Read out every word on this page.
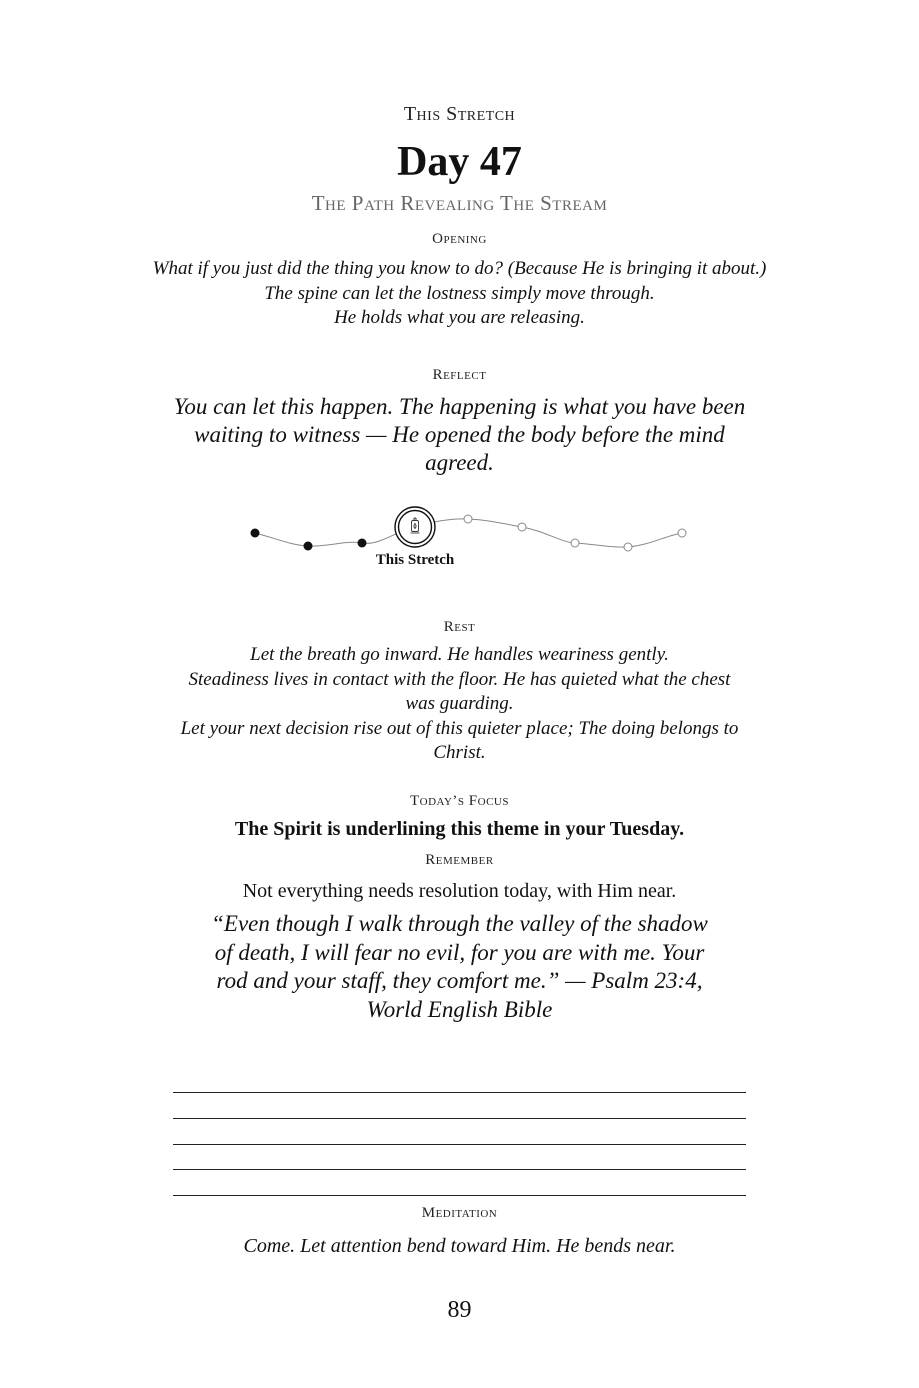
This Stretch
Day 47
The Path Revealing The Stream
Opening
What if you just did the thing you know to do? (Because He is bringing it about.)
The spine can let the lostness simply move through.
He holds what you are releasing.
Reflect
You can let this happen. The happening is what you have been waiting to witness — He opened the body before the mind agreed.
This Stretch
Rest
Let the breath go inward. He handles weariness gently.
Steadiness lives in contact with the floor. He has quieted what the chest was guarding.
Let your next decision rise out of this quieter place; The doing belongs to Christ.
Today’s Focus
The Spirit is underlining this theme in your Tuesday.
Remember
Not everything needs resolution today, with Him near.
“Even though I walk through the valley of the shadow of death, I will fear no evil, for you are with me. Your rod and your staff, they comfort me.” — Psalm 23:4, World English Bible
Meditation
Come. Let attention bend toward Him. He bends near.
89
